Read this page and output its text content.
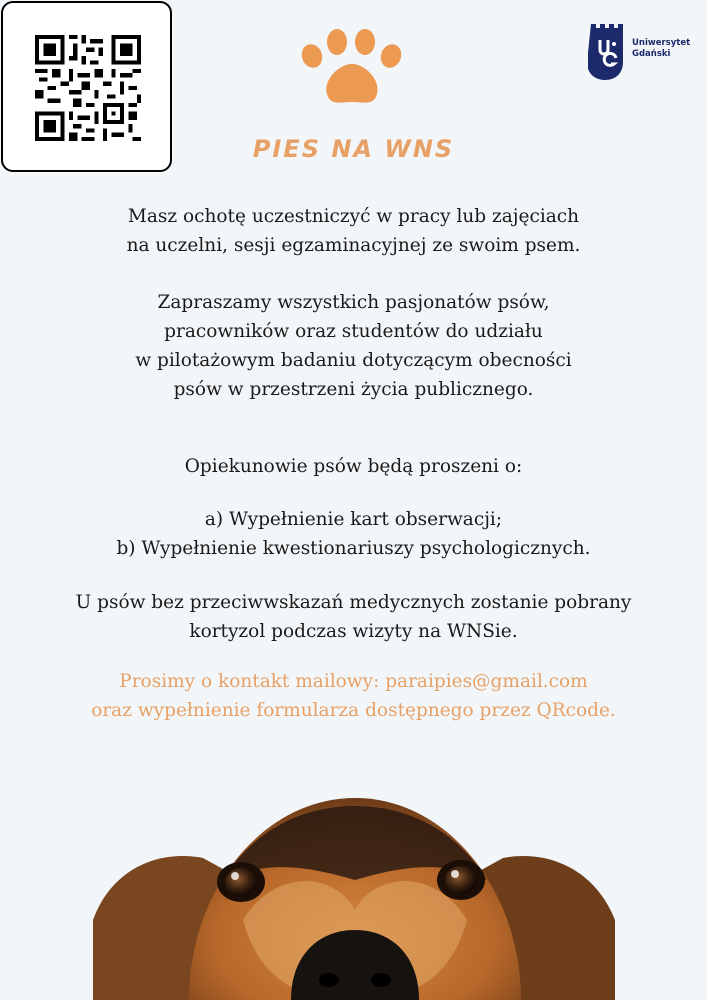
Uniwersytet
Gdański
PIES NA WNS
Masz ochotę uczestniczyć w pracy lub zajęciach
na uczelni, sesji egzaminacyjnej ze swoim psem.
Zapraszamy wszystkich pasjonatów psów,
pracowników oraz studentów do udziału
w pilotażowym badaniu dotyczącym obecności
psów w przestrzeni życia publicznego.
Opiekunowie psów będą proszeni o:
a) Wypełnienie kart obserwacji;
b) Wypełnienie kwestionariuszy psychologicznych.
U psów bez przeciwwskazań medycznych zostanie pobrany
kortyzol podczas wizyty na WNSie.
Prosimy o kontakt mailowy: paraipies@gmail.com
oraz wypełnienie formularza dostępnego przez QRcode.
